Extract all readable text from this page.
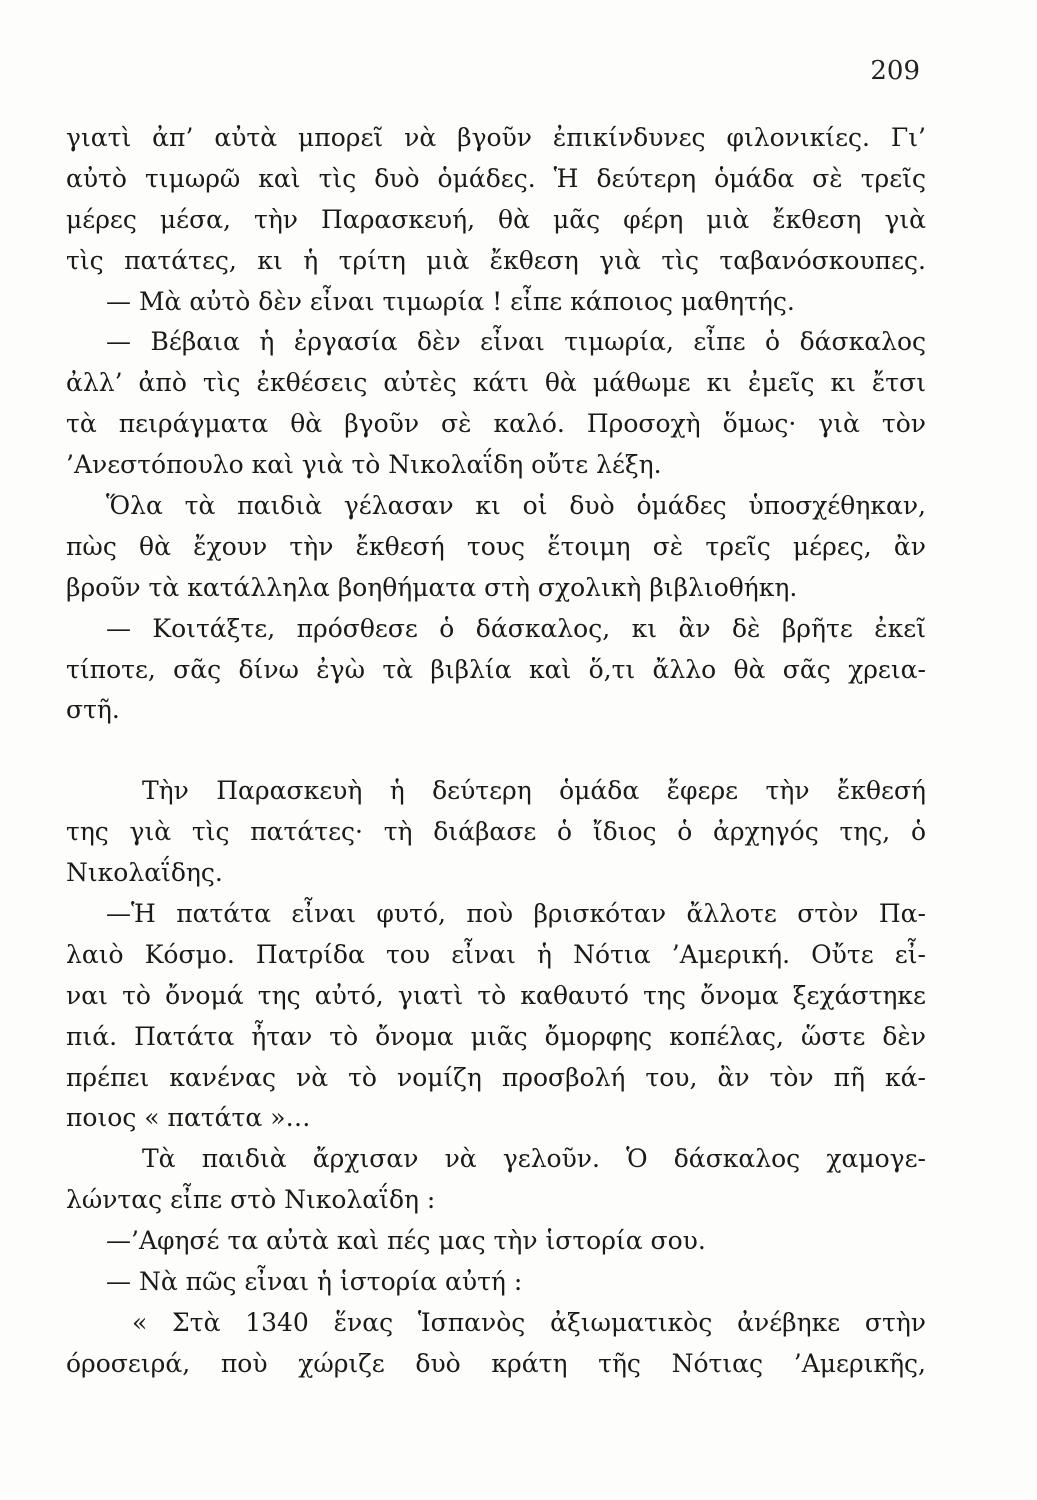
209
γιατὶ ἀπ’ αὐτὰ μπορεῖ νὰ βγοῦν ἐπικίνδυνες φιλονικίες. Γι’
αὐτὸ τιμωρῶ καὶ τὶς δυὸ ὁμάδες. Ἡ δεύτερη ὁμάδα σὲ τρεῖς
μέρες μέσα, τὴν Παρασκευή, θὰ μᾶς φέρη μιὰ ἔκθεση γιὰ
τὶς πατάτες, κι ἡ τρίτη μιὰ ἔκθεση γιὰ τὶς ταβανόσκουπες.
— Μὰ αὐτὸ δὲν εἶναι τιμωρία ! εἶπε κάποιος μαθητής.
— Βέβαια ἡ ἐργασία δὲν εἶναι τιμωρία, εἶπε ὁ δάσκαλος
ἀλλ’ ἀπὸ τὶς ἐκθέσεις αὐτὲς κάτι θὰ μάθωμε κι ἐμεῖς κι ἔτσι
τὰ πειράγματα θὰ βγοῦν σὲ καλό. Προσοχὴ ὅμως· γιὰ τὸν
’Ανεστόπουλο καὶ γιὰ τὸ Νικολαΐδη οὔτε λέξη.
Ὅλα τὰ παιδιὰ γέλασαν κι οἱ δυὸ ὁμάδες ὑποσχέθηκαν,
πὼς θὰ ἔχουν τὴν ἔκθεσή τους ἕτοιμη σὲ τρεῖς μέρες, ἂν
βροῦν τὰ κατάλληλα βοηθήματα στὴ σχολικὴ βιβλιοθήκη.
— Κοιτάξτε, πρόσθεσε ὁ δάσκαλος, κι ἂν δὲ βρῆτε ἐκεῖ
τίποτε, σᾶς δίνω ἐγὼ τὰ βιβλία καὶ ὅ,τι ἄλλο θὰ σᾶς χρεια-
στῆ.
Τὴν Παρασκευὴ ἡ δεύτερη ὁμάδα ἔφερε τὴν ἔκθεσή
της γιὰ τὶς πατάτες· τὴ διάβασε ὁ ἴδιος ὁ ἀρχηγός της, ὁ
Νικολαΐδης.
—Ἡ πατάτα εἶναι φυτό, ποὺ βρισκόταν ἄλλοτε στὸν Πα-
λαιὸ Κόσμο. Πατρίδα του εἶναι ἡ Νότια ’Αμερική. Οὔτε εἶ-
ναι τὸ ὄνομά της αὐτό, γιατὶ τὸ καθαυτό της ὄνομα ξεχάστηκε
πιά. Πατάτα ἦταν τὸ ὄνομα μιᾶς ὄμορφης κοπέλας, ὥστε δὲν
πρέπει κανένας νὰ τὸ νομίζη προσβολή του, ἂν τὸν πῆ κά-
ποιος « πατάτα »…
Τὰ παιδιὰ ἄρχισαν νὰ γελοῦν. Ὁ δάσκαλος χαμογε-
λώντας εἶπε στὸ Νικολαΐδη :
—’Αφησέ τα αὐτὰ καὶ πές μας τὴν ἱστορία σου.
— Νὰ πῶς εἶναι ἡ ἱστορία αὐτή :
« Στὰ 1340 ἕνας Ἱσπανὸς ἀξιωματικὸς ἀνέβηκε στὴν
όροσειρά, ποὺ χώριζε δυὸ κράτη τῆς Νότιας ’Αμερικῆς,
